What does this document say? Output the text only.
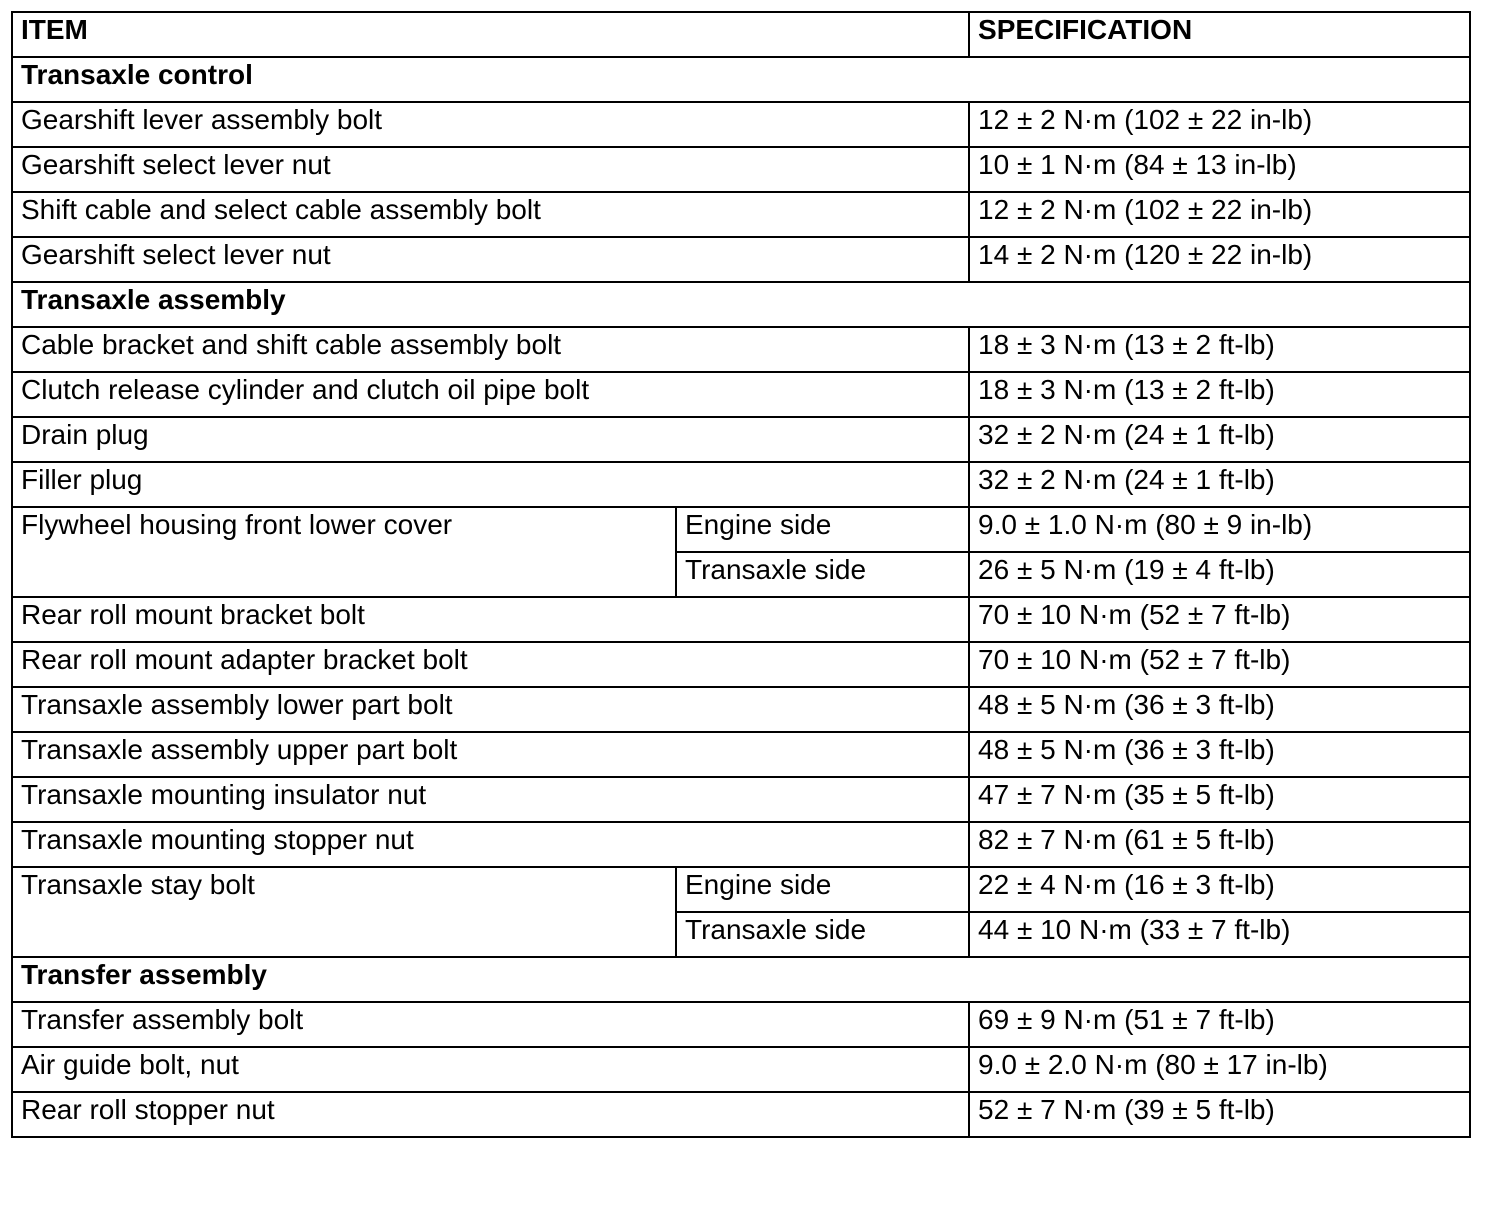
ITEM		SPECIFICATION
Transaxle control		
Gearshift lever assembly bolt		12 ± 2 N·m (102 ± 22 in-lb)
Gearshift select lever nut		10 ± 1 N·m (84 ± 13 in-lb)
Shift cable and select cable assembly bolt		12 ± 2 N·m (102 ± 22 in-lb)
Gearshift select lever nut		14 ± 2 N·m (120 ± 22 in-lb)
Transaxle assembly		
Cable bracket and shift cable assembly bolt		18 ± 3 N·m (13 ± 2 ft-lb)
Clutch release cylinder and clutch oil pipe bolt		18 ± 3 N·m (13 ± 2 ft-lb)
Drain plug		32 ± 2 N·m (24 ± 1 ft-lb)
Filler plug		32 ± 2 N·m (24 ± 1 ft-lb)
Flywheel housing front lower cover	Engine side	9.0 ± 1.0 N·m (80 ± 9 in-lb)
	Transaxle side	26 ± 5 N·m (19 ± 4 ft-lb)
Rear roll mount bracket bolt		70 ± 10 N·m (52 ± 7 ft-lb)
Rear roll mount adapter bracket bolt		70 ± 10 N·m (52 ± 7 ft-lb)
Transaxle assembly lower part bolt		48 ± 5 N·m (36 ± 3 ft-lb)
Transaxle assembly upper part bolt		48 ± 5 N·m (36 ± 3 ft-lb)
Transaxle mounting insulator nut		47 ± 7 N·m (35 ± 5 ft-lb)
Transaxle mounting stopper nut		82 ± 7 N·m (61 ± 5 ft-lb)
Transaxle stay bolt	Engine side	22 ± 4 N·m (16 ± 3 ft-lb)
	Transaxle side	44 ± 10 N·m (33 ± 7 ft-lb)
Transfer assembly		
Transfer assembly bolt		69 ± 9 N·m (51 ± 7 ft-lb)
Air guide bolt, nut		9.0 ± 2.0 N·m (80 ± 17 in-lb)
Rear roll stopper nut		52 ± 7 N·m (39 ± 5 ft-lb)
